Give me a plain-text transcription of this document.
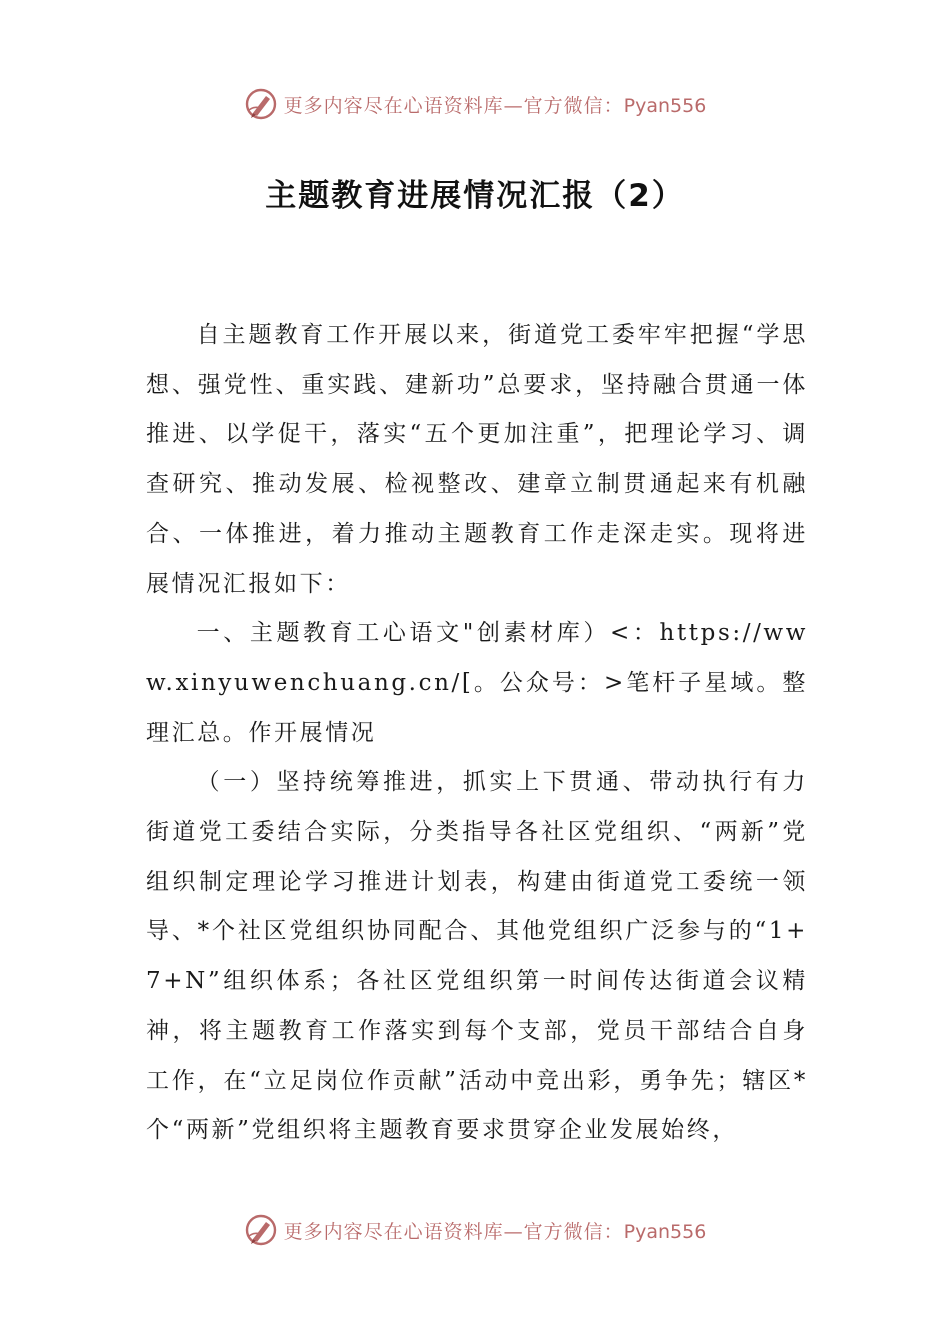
更多内容尽在心语资料库—官方微信：Pyan556
主题教育进展情况汇报（2）

自主题教育工作开展以来，街道党工委牢牢把握“学思想、强党性、重实践、建新功”总要求，坚持融合贯通一体推进、以学促干，落实“五个更加注重”，把理论学习、调查研究、推动发展、检视整改、建章立制贯通起来有机融合、一体推进，着力推动主题教育工作走深走实。现将进展情况汇报如下：

一、主题教育工心语文"创素材库）<：https://www.xinyuwenchuang.cn/[。公众号：>笔杆子星域。整理汇总。作开展情况

（一）坚持统筹推进，抓实上下贯通、带动执行有力街道党工委结合实际，分类指导各社区党组织、“两新”党组织制定理论学习推进计划表，构建由街道党工委统一领导、*个社区党组织协同配合、其他党组织广泛参与的“1+7+N”组织体系；各社区党组织第一时间传达街道会议精神，将主题教育工作落实到每个支部，党员干部结合自身工作，在“立足岗位作贡献”活动中竞出彩，勇争先；辖区*个“两新”党组织将主题教育要求贯穿企业发展始终，

更多内容尽在心语资料库—官方微信：Pyan556
